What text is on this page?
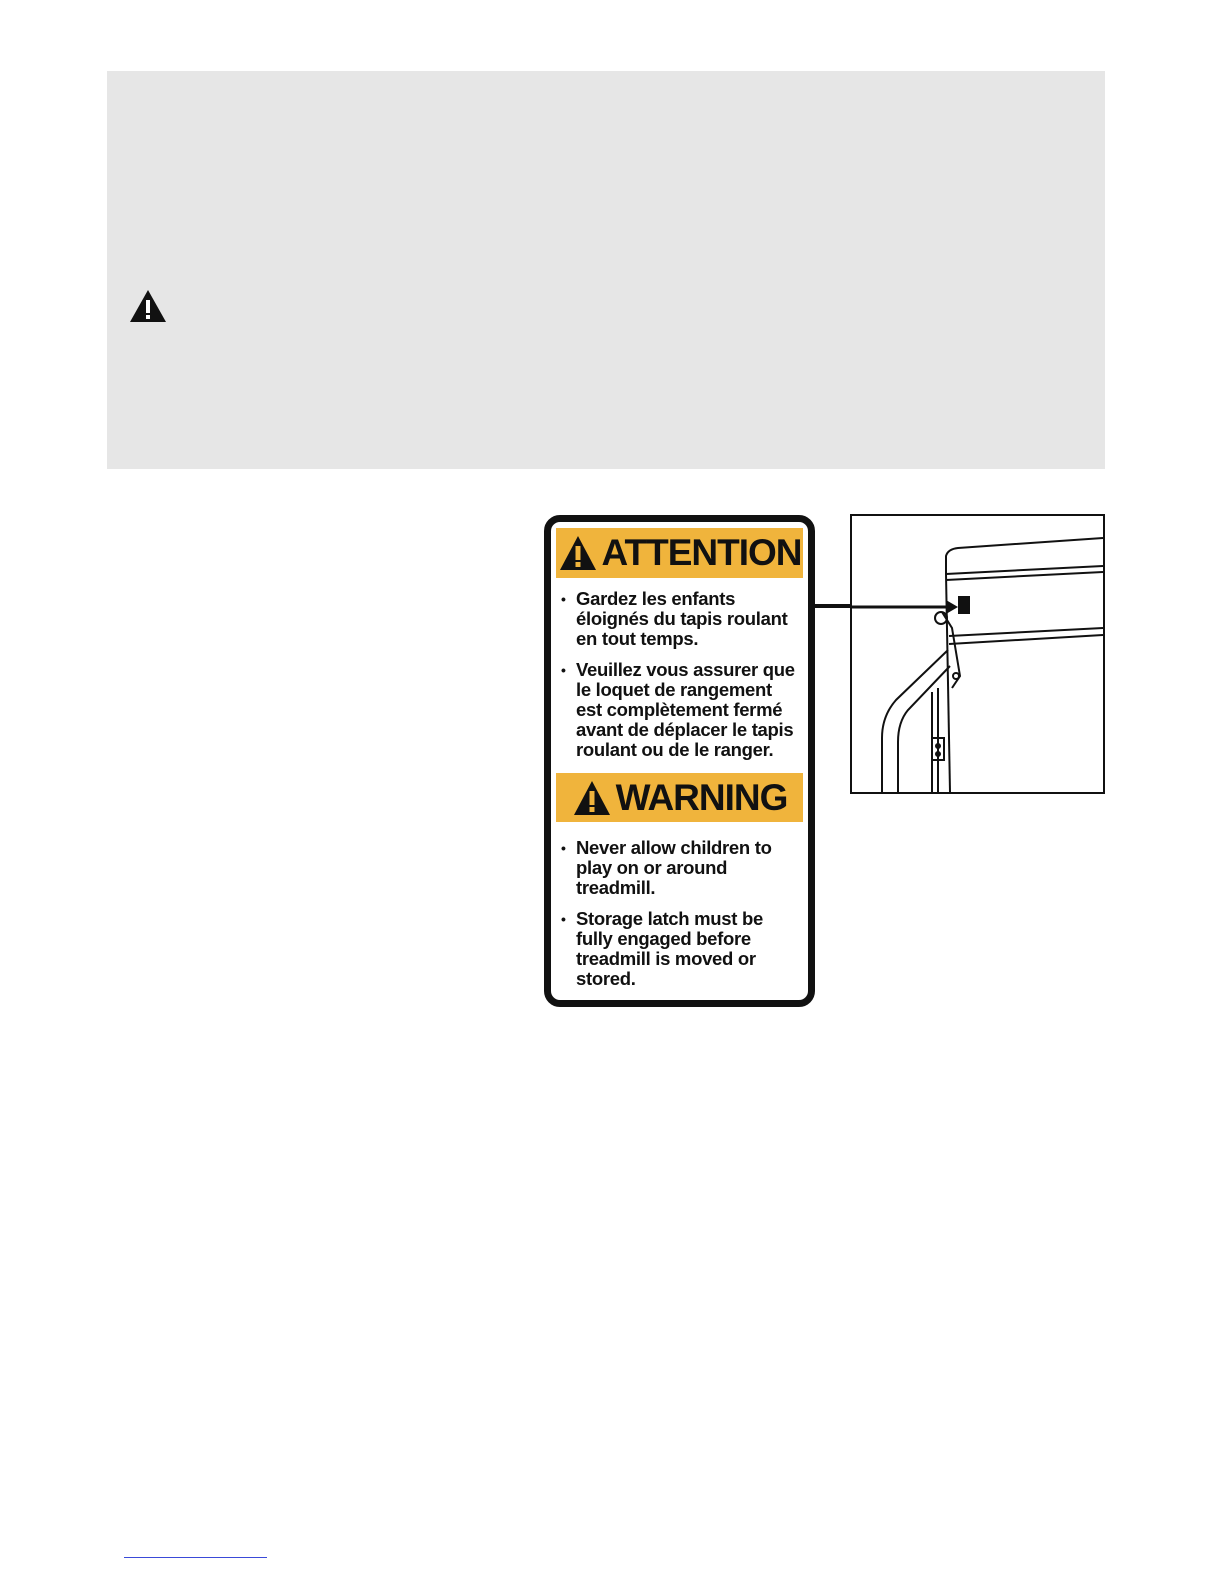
ATTENTION
• Gardez les enfants éloignés du tapis roulant en tout temps.
• Veuillez vous assurer que le loquet de rangement est complètement fermé avant de déplacer le tapis roulant ou de le ranger.
WARNING
• Never allow children to play on or around treadmill.
• Storage latch must be fully engaged before treadmill is moved or stored.
